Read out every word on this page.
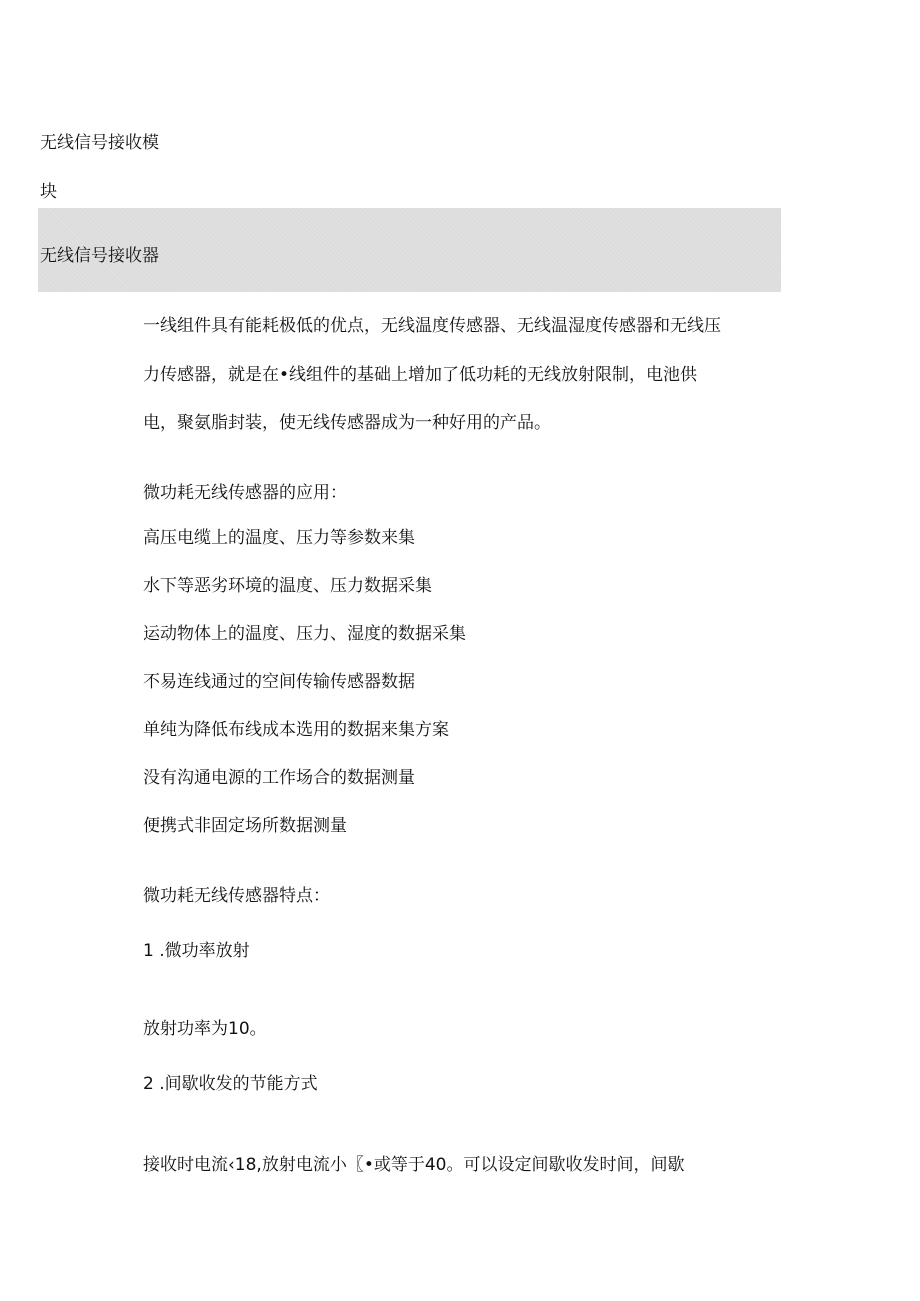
无线信号接收模
块
无线信号接收器
一线组件具有能耗极低的优点，无线温度传感器、无线温湿度传感器和无线压
力传感器，就是在•线组件的基础上增加了低功耗的无线放射限制，电池供
电，聚氨脂封装，使无线传感器成为一种好用的产品。
微功耗无线传感器的应用：
高压电缆上的温度、压力等参数来集
水下等恶劣环境的温度、压力数据采集
运动物体上的温度、压力、湿度的数据采集
不易连线通过的空间传输传感器数据
单纯为降低布线成本选用的数据来集方案
没有沟通电源的工作场合的数据测量
便携式非固定场所数据测量
微功耗无线传感器特点：
1 .微功率放射
放射功率为10。
2 .间歇收发的节能方式
接收时电流‹18,放射电流小〖•或等于40。可以设定间歇收发时间，间歇
